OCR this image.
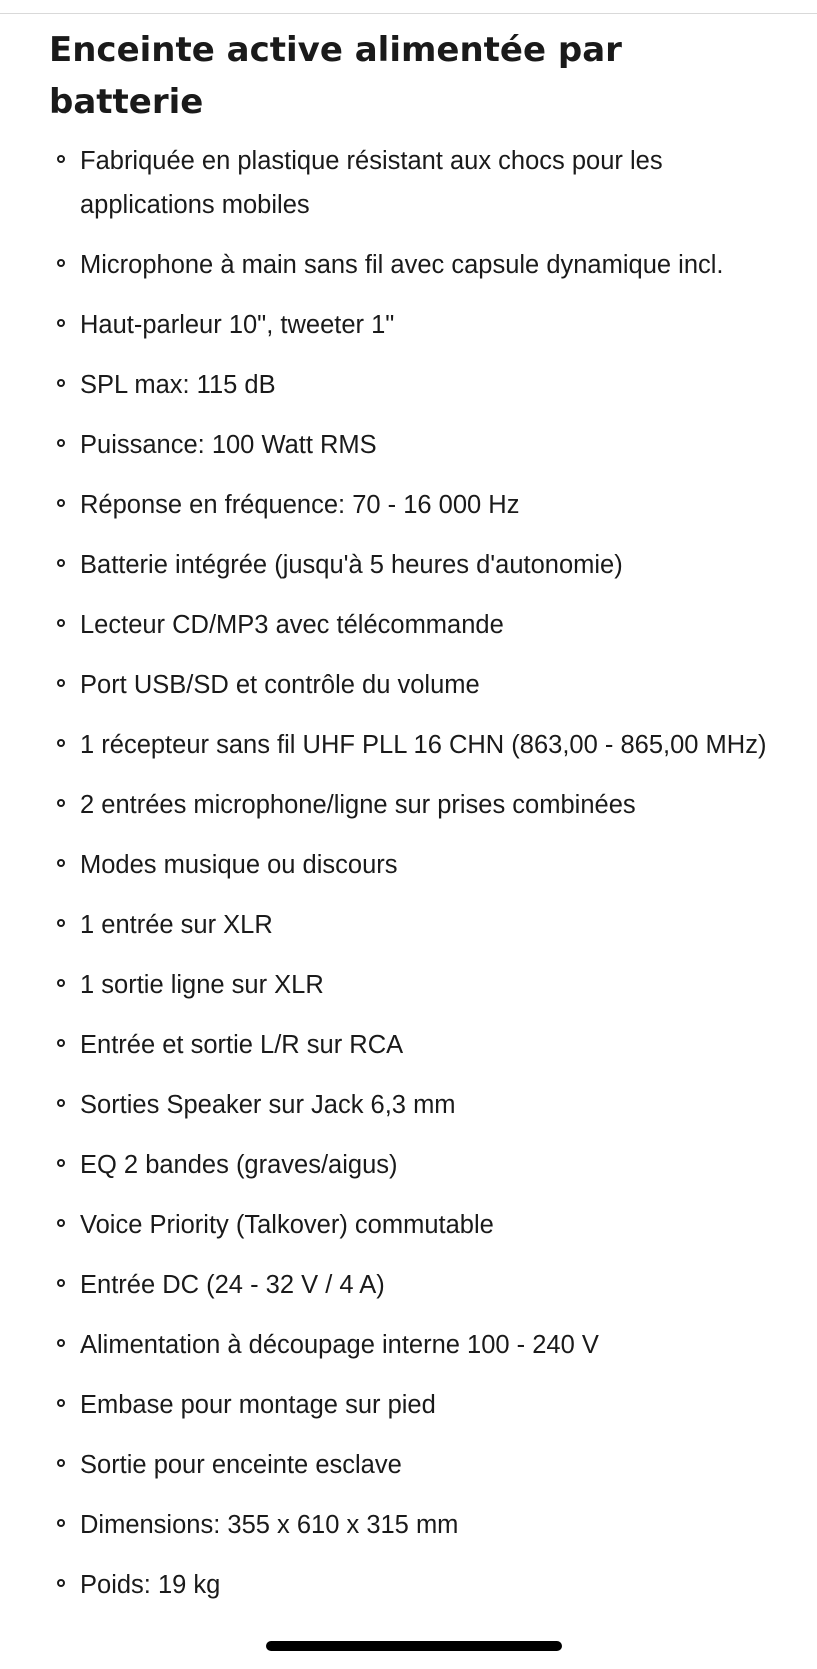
Enceinte active alimentée par batterie
Fabriquée en plastique résistant aux chocs pour les applications mobiles
Microphone à main sans fil avec capsule dynamique incl.
Haut-parleur 10", tweeter 1"
SPL max: 115 dB
Puissance: 100 Watt RMS
Réponse en fréquence: 70 - 16 000 Hz
Batterie intégrée (jusqu'à 5 heures d'autonomie)
Lecteur CD/MP3 avec télécommande
Port USB/SD et contrôle du volume
1 récepteur sans fil UHF PLL 16 CHN (863,00 - 865,00 MHz)
2 entrées microphone/ligne sur prises combinées
Modes musique ou discours
1 entrée sur XLR
1 sortie ligne sur XLR
Entrée et sortie L/R sur RCA
Sorties Speaker sur Jack 6,3 mm
EQ 2 bandes (graves/aigus)
Voice Priority (Talkover) commutable
Entrée DC (24 - 32 V / 4 A)
Alimentation à découpage interne 100 - 240 V
Embase pour montage sur pied
Sortie pour enceinte esclave
Dimensions: 355 x 610 x 315 mm
Poids: 19 kg
